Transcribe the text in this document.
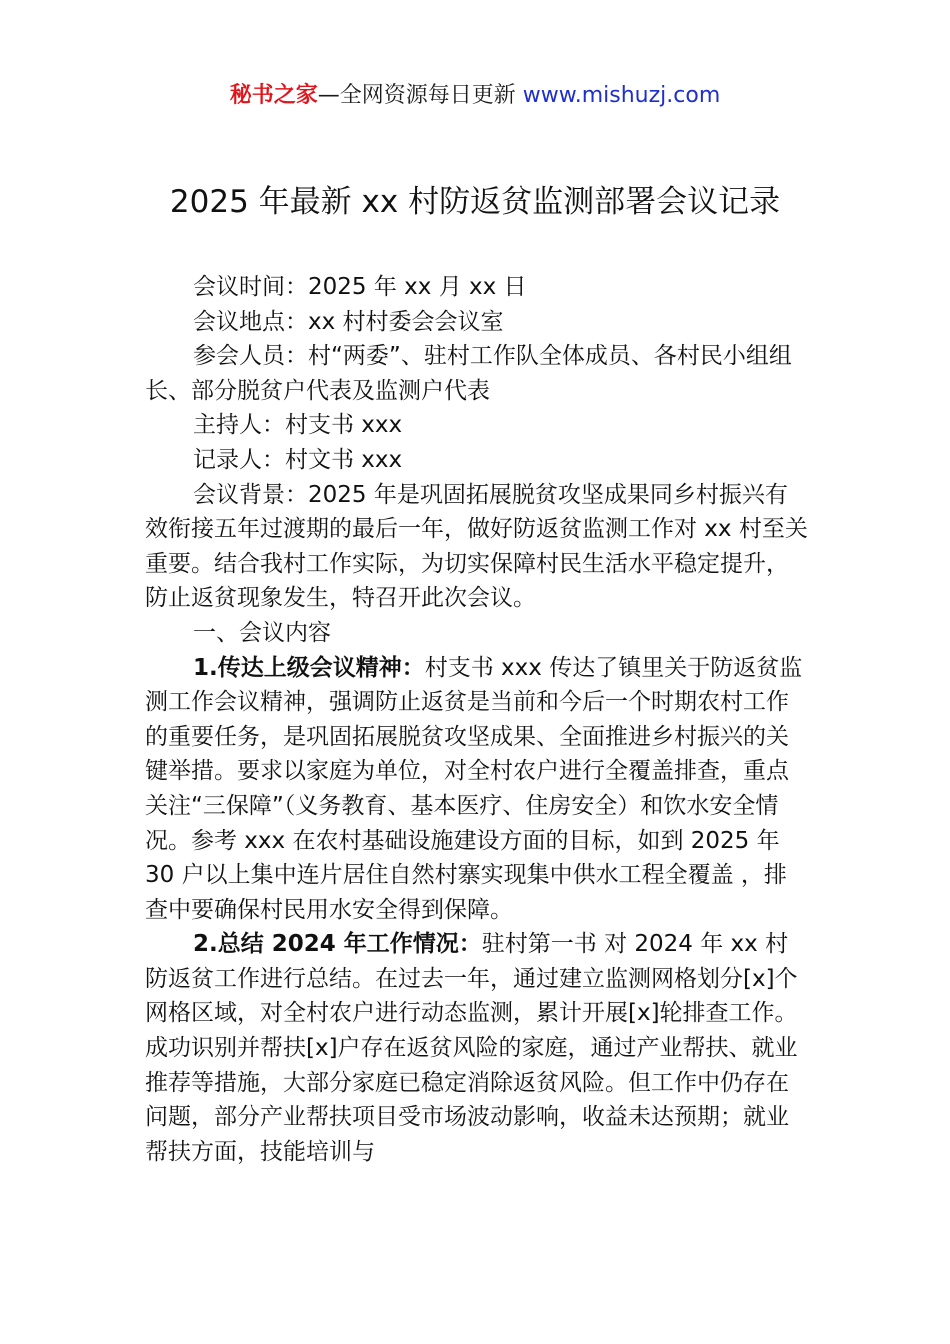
秘书之家—全网资源每日更新 www.mishuzj.com
2025 年最新 xx 村防返贫监测部署会议记录

会议时间：2025 年 xx 月 xx 日

会议地点：xx 村村委会会议室

参会人员：村“两委”、驻村工作队全体成员、各村民小组组长、部分脱贫户代表及监测户代表

主持人：村支书 xxx

记录人：村文书 xxx

会议背景：2025 年是巩固拓展脱贫攻坚成果同乡村振兴有效衔接五年过渡期的最后一年，做好防返贫监测工作对 xx 村至关重要。结合我村工作实际，为切实保障村民生活水平稳定提升，防止返贫现象发生，特召开此次会议。

一、会议内容

1.传达上级会议精神：村支书 xxx 传达了镇里关于防返贫监测工作会议精神，强调防止返贫是当前和今后一个时期农村工作的重要任务，是巩固拓展脱贫攻坚成果、全面推进乡村振兴的关键举措。要求以家庭为单位，对全村农户进行全覆盖排查，重点关注“三保障”（义务教育、基本医疗、住房安全）和饮水安全情况。参考 xxx 在农村基础设施建设方面的目标，如到 2025 年 30 户以上集中连片居住自然村寨实现集中供水工程全覆盖 ，排查中要确保村民用水安全得到保障。

2.总结 2024 年工作情况：驻村第一书 对 2024 年 xx 村防返贫工作进行总结。在过去一年，通过建立监测网格划分[x]个网格区域，对全村农户进行动态监测，累计开展[x]轮排查工作。成功识别并帮扶[x]户存在返贫风险的家庭，通过产业帮扶、就业推荐等措施，大部分家庭已稳定消除返贫风险。但工作中仍存在问题，部分产业帮扶项目受市场波动影响，收益未达预期；就业帮扶方面，技能培训与
